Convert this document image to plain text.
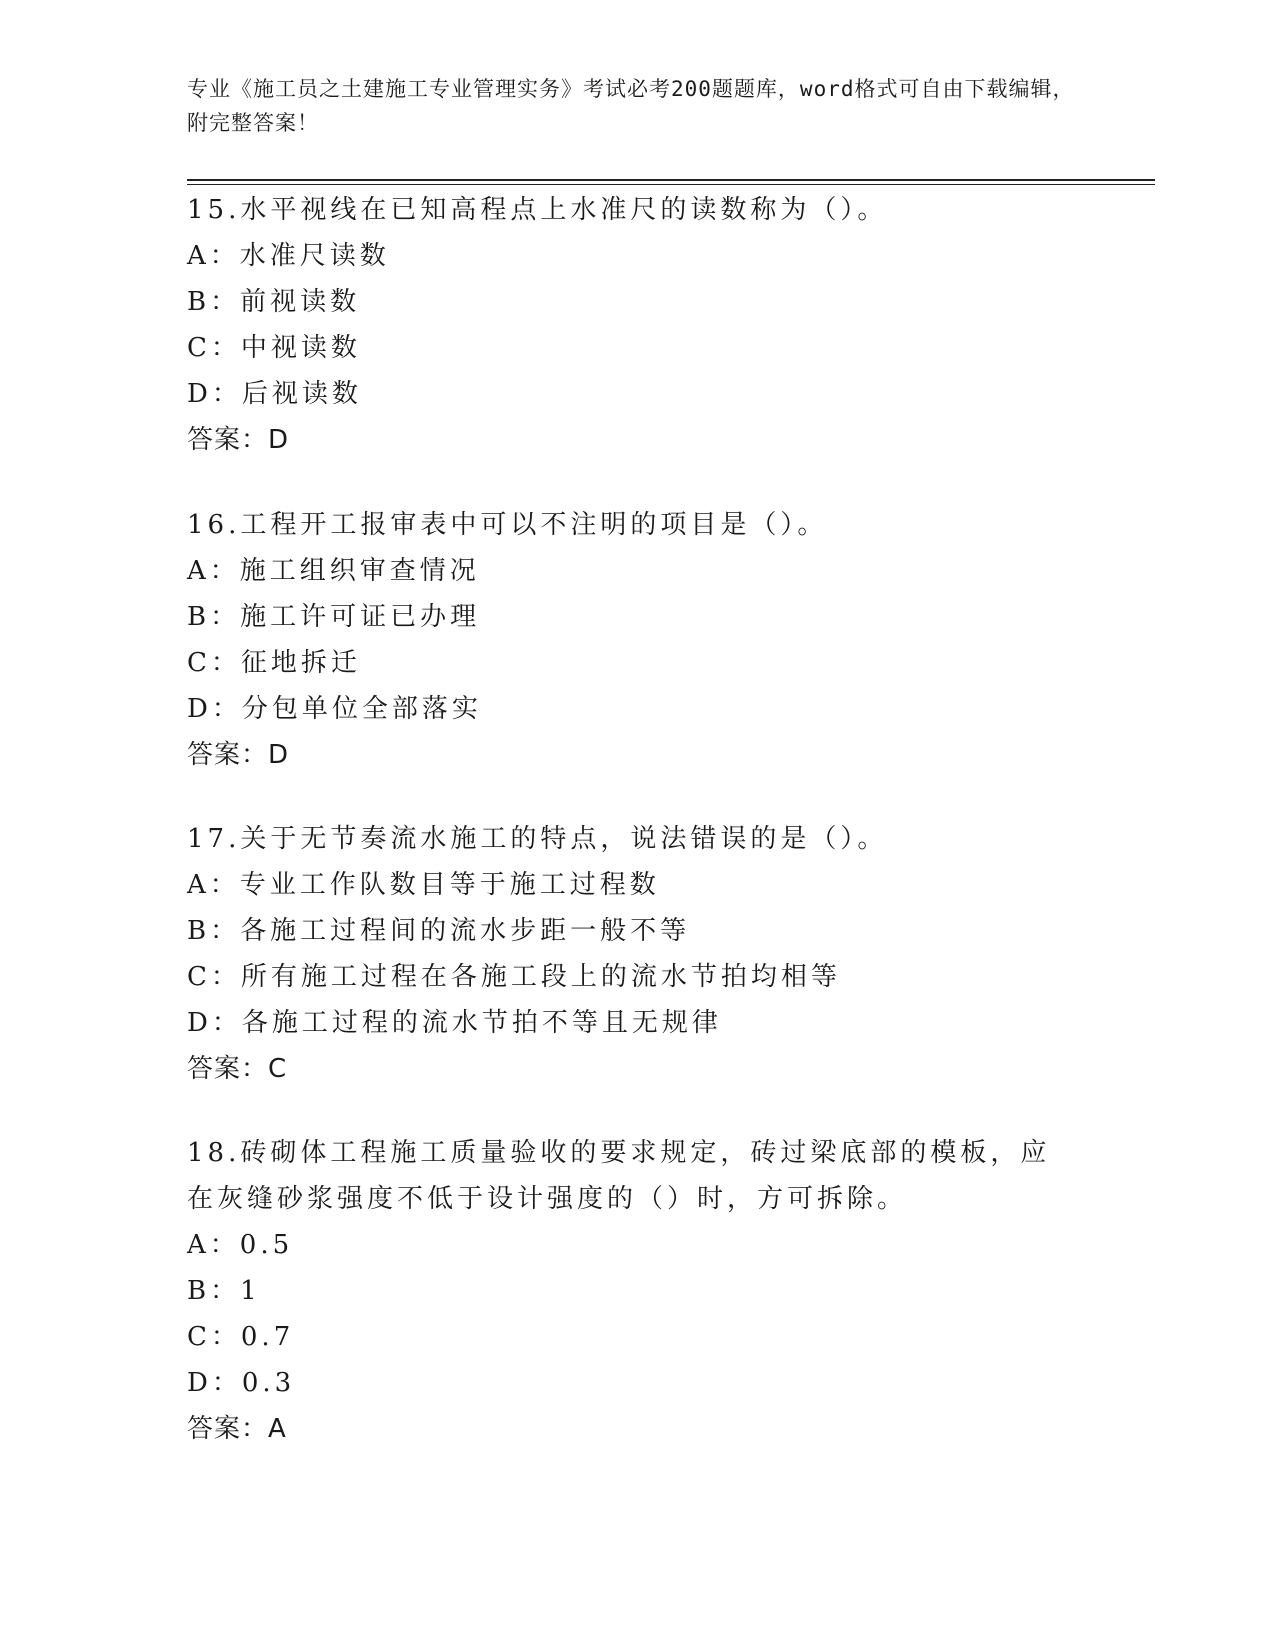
专业《施工员之土建施工专业管理实务》考试必考200题题库，word格式可自由下载编辑，附完整答案！
15.水平视线在已知高程点上水准尺的读数称为（）。
A：水准尺读数
B：前视读数
C：中视读数
D：后视读数
答案：D
16.工程开工报审表中可以不注明的项目是（）。
A：施工组织审查情况
B：施工许可证已办理
C：征地拆迁
D：分包单位全部落实
答案：D
17.关于无节奏流水施工的特点，说法错误的是（）。
A：专业工作队数目等于施工过程数
B：各施工过程间的流水步距一般不等
C：所有施工过程在各施工段上的流水节拍均相等
D：各施工过程的流水节拍不等且无规律
答案：C
18.砖砌体工程施工质量验收的要求规定，砖过梁底部的模板，应在灰缝砂浆强度不低于设计强度的（）时，方可拆除。
A：0.5
B：1
C：0.7
D：0.3
答案：A
